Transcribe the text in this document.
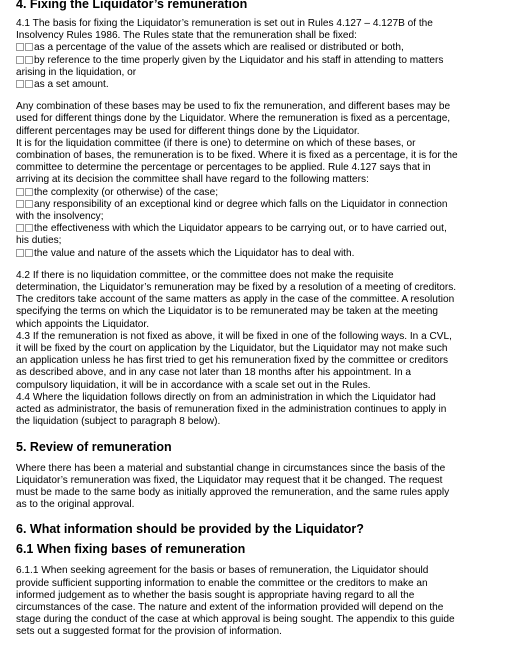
4. Fixing the Liquidator’s remuneration

4.1 The basis for fixing the Liquidator’s remuneration is set out in Rules 4.127 – 4.127B of the

Insolvency Rules 1986. The Rules state that the remuneration shall be fixed:

as a percentage of the value of the assets which are realised or distributed or both,

by reference to the time properly given by the Liquidator and his staff in attending to matters

arising in the liquidation, or

as a set amount.

Any combination of these bases may be used to fix the remuneration, and different bases may be

used for different things done by the Liquidator. Where the remuneration is fixed as a percentage,

different percentages may be used for different things done by the Liquidator.

It is for the liquidation committee (if there is one) to determine on which of these bases, or

combination of bases, the remuneration is to be fixed. Where it is fixed as a percentage, it is for the

committee to determine the percentage or percentages to be applied. Rule 4.127 says that in

arriving at its decision the committee shall have regard to the following matters:

the complexity (or otherwise) of the case;

any responsibility of an exceptional kind or degree which falls on the Liquidator in connection

with the insolvency;

the effectiveness with which the Liquidator appears to be carrying out, or to have carried out,

his duties;

the value and nature of the assets which the Liquidator has to deal with.

4.2 If there is no liquidation committee, or the committee does not make the requisite

determination, the Liquidator’s remuneration may be fixed by a resolution of a meeting of creditors.

The creditors take account of the same matters as apply in the case of the committee. A resolution

specifying the terms on which the Liquidator is to be remunerated may be taken at the meeting

which appoints the Liquidator.

4.3 If the remuneration is not fixed as above, it will be fixed in one of the following ways. In a CVL,

it will be fixed by the court on application by the Liquidator, but the Liquidator may not make such

an application unless he has first tried to get his remuneration fixed by the committee or creditors

as described above, and in any case not later than 18 months after his appointment. In a

compulsory liquidation, it will be in accordance with a scale set out in the Rules.

4.4 Where the liquidation follows directly on from an administration in which the Liquidator had

acted as administrator, the basis of remuneration fixed in the administration continues to apply in

the liquidation (subject to paragraph 8 below).

5. Review of remuneration

Where there has been a material and substantial change in circumstances since the basis of the

Liquidator’s remuneration was fixed, the Liquidator may request that it be changed. The request

must be made to the same body as initially approved the remuneration, and the same rules apply

as to the original approval.

6. What information should be provided by the Liquidator?
6.1 When fixing bases of remuneration

6.1.1 When seeking agreement for the basis or bases of remuneration, the Liquidator should

provide sufficient supporting information to enable the committee or the creditors to make an

informed judgement as to whether the basis sought is appropriate having regard to all the

circumstances of the case. The nature and extent of the information provided will depend on the

stage during the conduct of the case at which approval is being sought. The appendix to this guide

sets out a suggested format for the provision of information.
